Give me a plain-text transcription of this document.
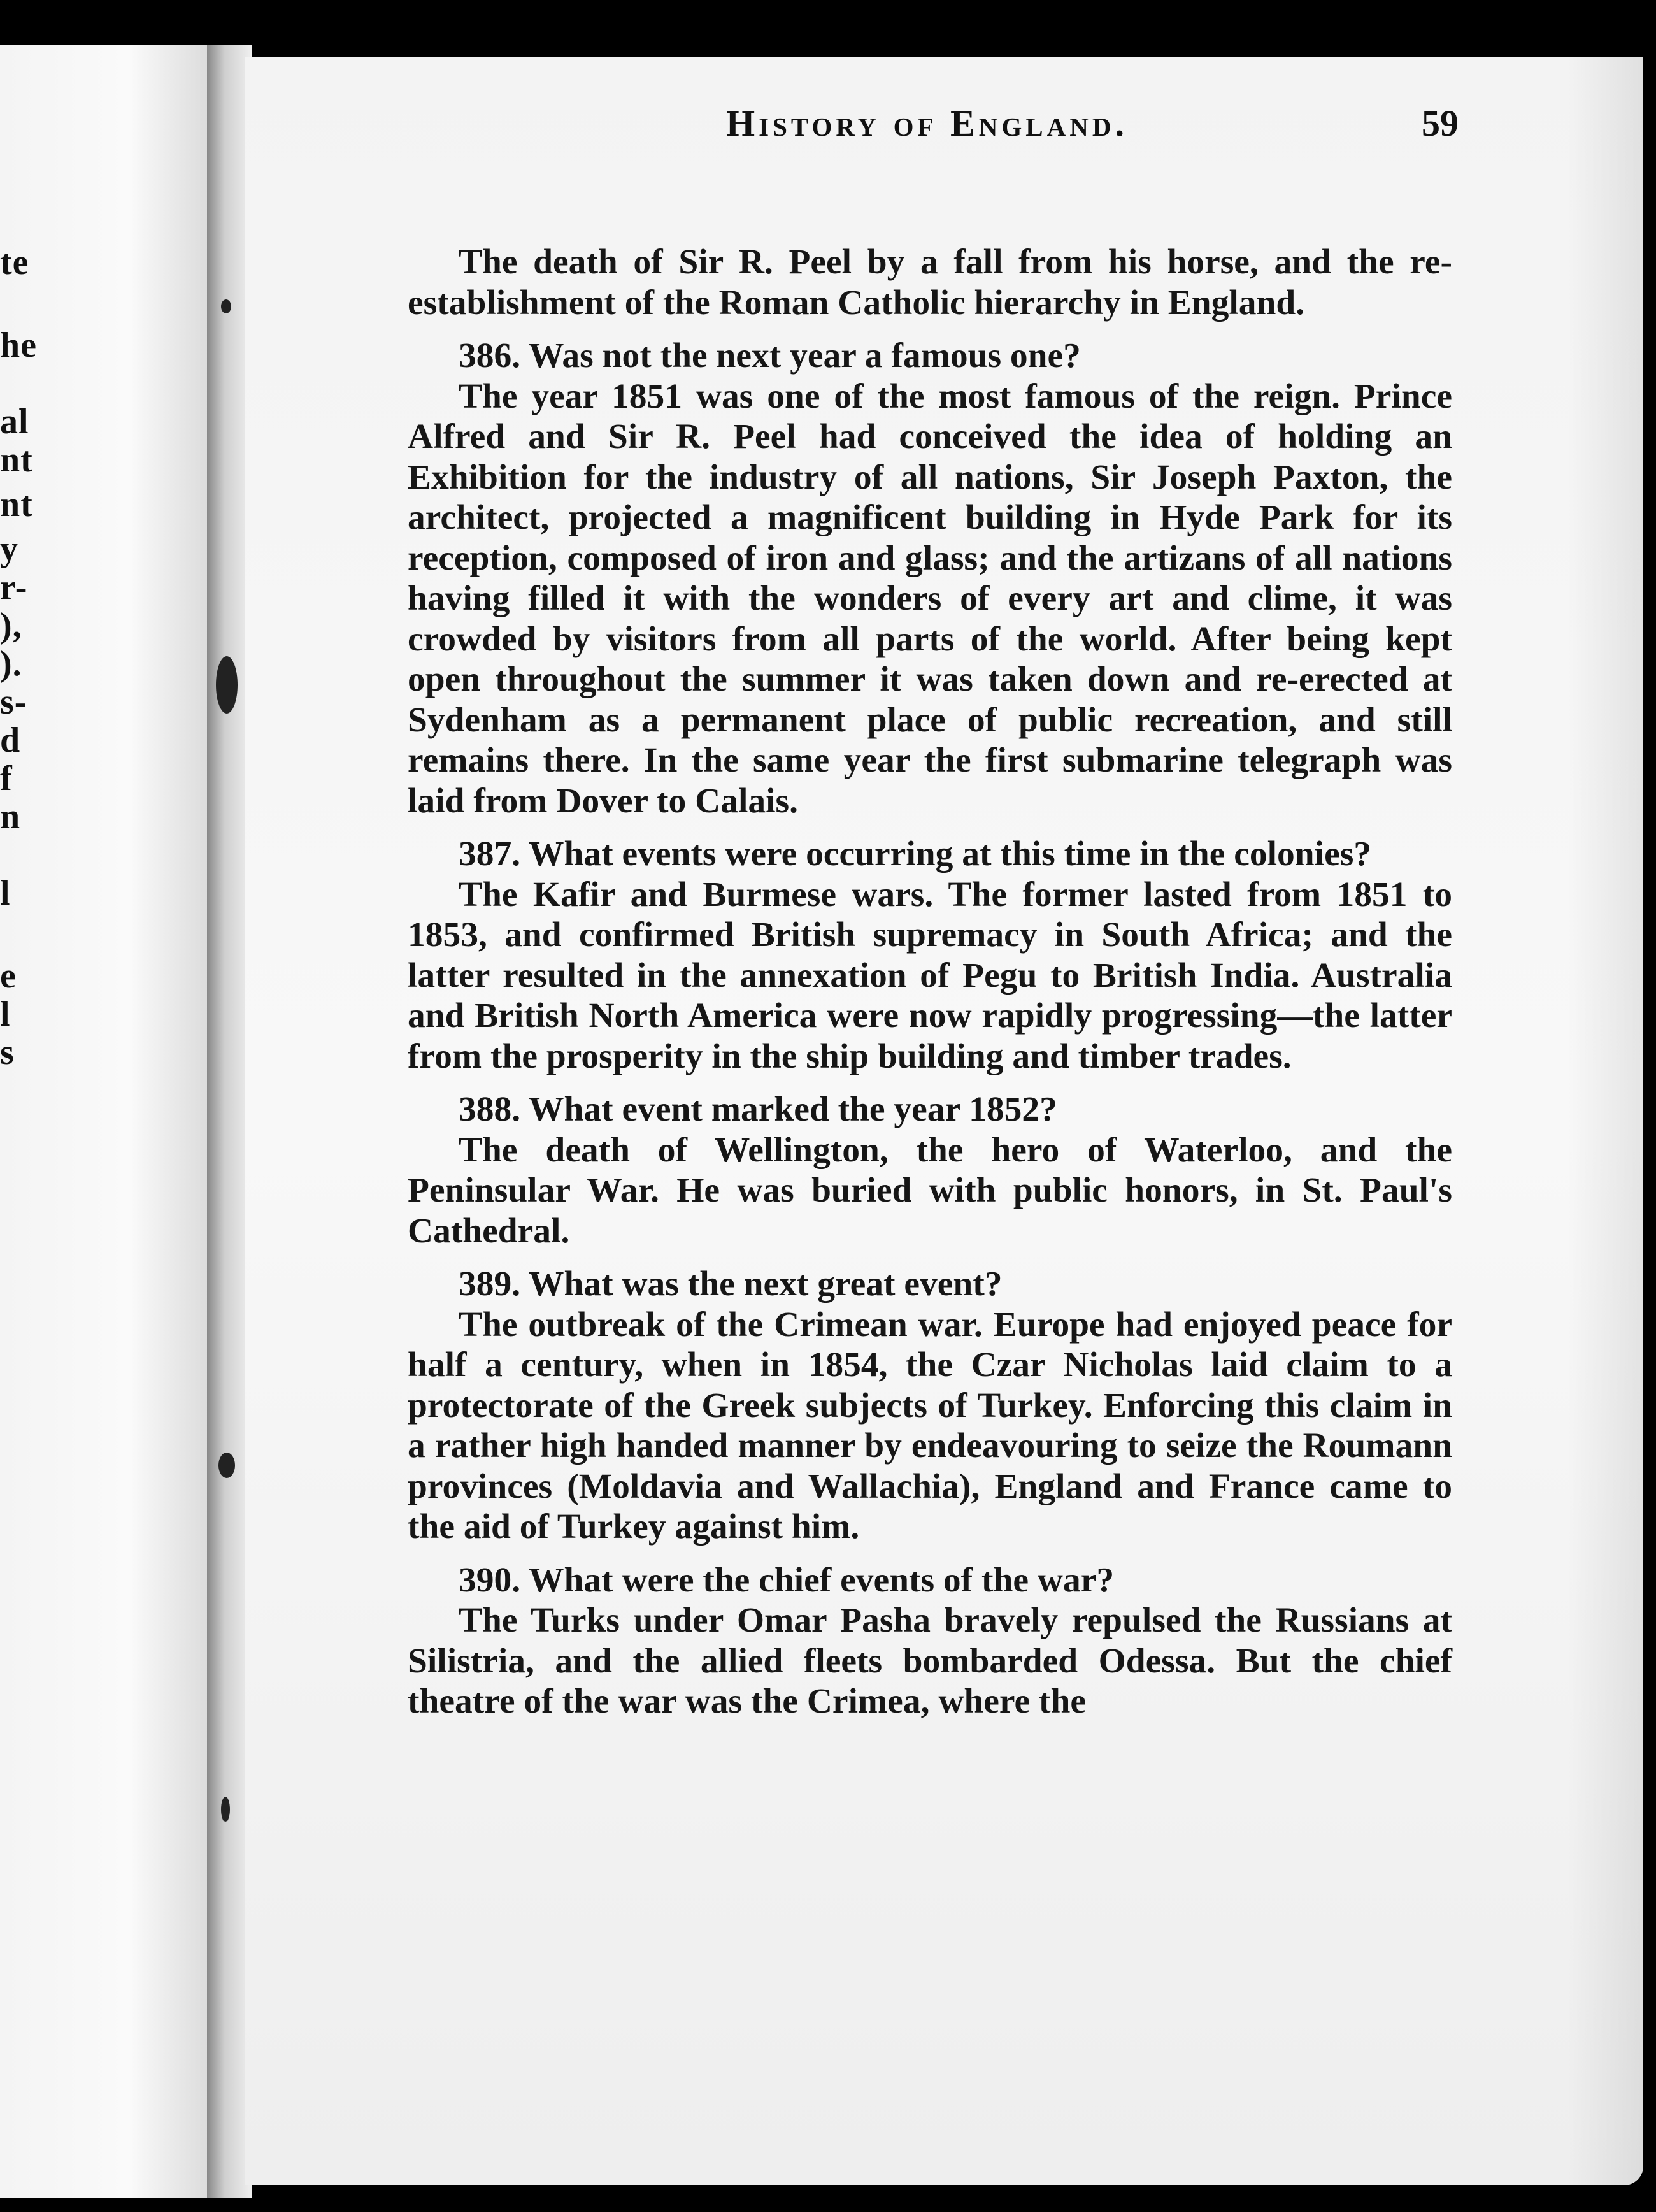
te
he
al
nt
nt
y
r-
),
).
s-
d
f
n
l
e
l
s
History of England.	59

The death of Sir R. Peel by a fall from his horse, and the re-establishment of the Roman Catholic hierarchy in England.

386. Was not the next year a famous one?

The year 1851 was one of the most famous of the reign. Prince Alfred and Sir R. Peel had conceived the idea of holding an Exhibition for the industry of all nations, Sir Joseph Paxton, the architect, projected a magnificent building in Hyde Park for its reception, composed of iron and glass; and the artizans of all nations having filled it with the wonders of every art and clime, it was crowded by visitors from all parts of the world. After being kept open throughout the summer it was taken down and re-erected at Sydenham as a permanent place of public recreation, and still remains there. In the same year the first submarine telegraph was laid from Dover to Calais.

387. What events were occurring at this time in the colonies?

The Kafir and Burmese wars. The former lasted from 1851 to 1853, and confirmed British supremacy in South Africa; and the latter resulted in the annexation of Pegu to British India. Australia and British North America were now rapidly progressing—the latter from the prosperity in the ship building and timber trades.

388. What event marked the year 1852?

The death of Wellington, the hero of Waterloo, and the Peninsular War. He was buried with public honors, in St. Paul's Cathedral.

389. What was the next great event?

The outbreak of the Crimean war. Europe had enjoyed peace for half a century, when in 1854, the Czar Nicholas laid claim to a protectorate of the Greek subjects of Turkey. Enforcing this claim in a rather high handed manner by endeavouring to seize the Roumann provinces (Moldavia and Wallachia), England and France came to the aid of Turkey against him.

390. What were the chief events of the war?

The Turks under Omar Pasha bravely repulsed the Russians at Silistria, and the allied fleets bombarded Odessa. But the chief theatre of the war was the Crimea, where the
